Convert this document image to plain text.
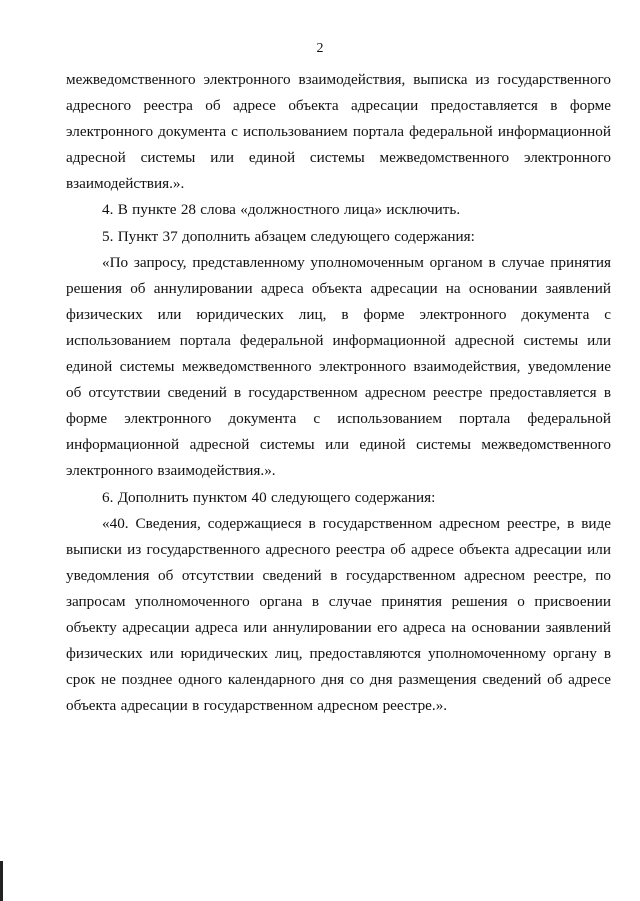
2

межведомственного электронного взаимодействия, выписка из государственного адресного реестра об адресе объекта адресации предоставляется в форме электронного документа с использованием портала федеральной информационной адресной системы или единой системы межведомственного электронного взаимодействия.».

4. В пункте 28 слова «должностного лица» исключить.

5. Пункт 37 дополнить абзацем следующего содержания:

«По запросу, представленному уполномоченным органом в случае принятия решения об аннулировании адреса объекта адресации на основании заявлений физических или юридических лиц, в форме электронного документа с использованием портала федеральной информационной адресной системы или единой системы межведомственного электронного взаимодействия, уведомление об отсутствии сведений в государственном адресном реестре предоставляется в форме электронного документа с использованием портала федеральной информационной адресной системы или единой системы межведомственного электронного взаимодействия.».

6. Дополнить пунктом 40 следующего содержания:

«40. Сведения, содержащиеся в государственном адресном реестре, в виде выписки из государственного адресного реестра об адресе объекта адресации или уведомления об отсутствии сведений в государственном адресном реестре, по запросам уполномоченного органа в случае принятия решения о присвоении объекту адресации адреса или аннулировании его адреса на основании заявлений физических или юридических лиц, предоставляются уполномоченному органу в срок не позднее одного календарного дня со дня размещения сведений об адресе объекта адресации в государственном адресном реестре.».
